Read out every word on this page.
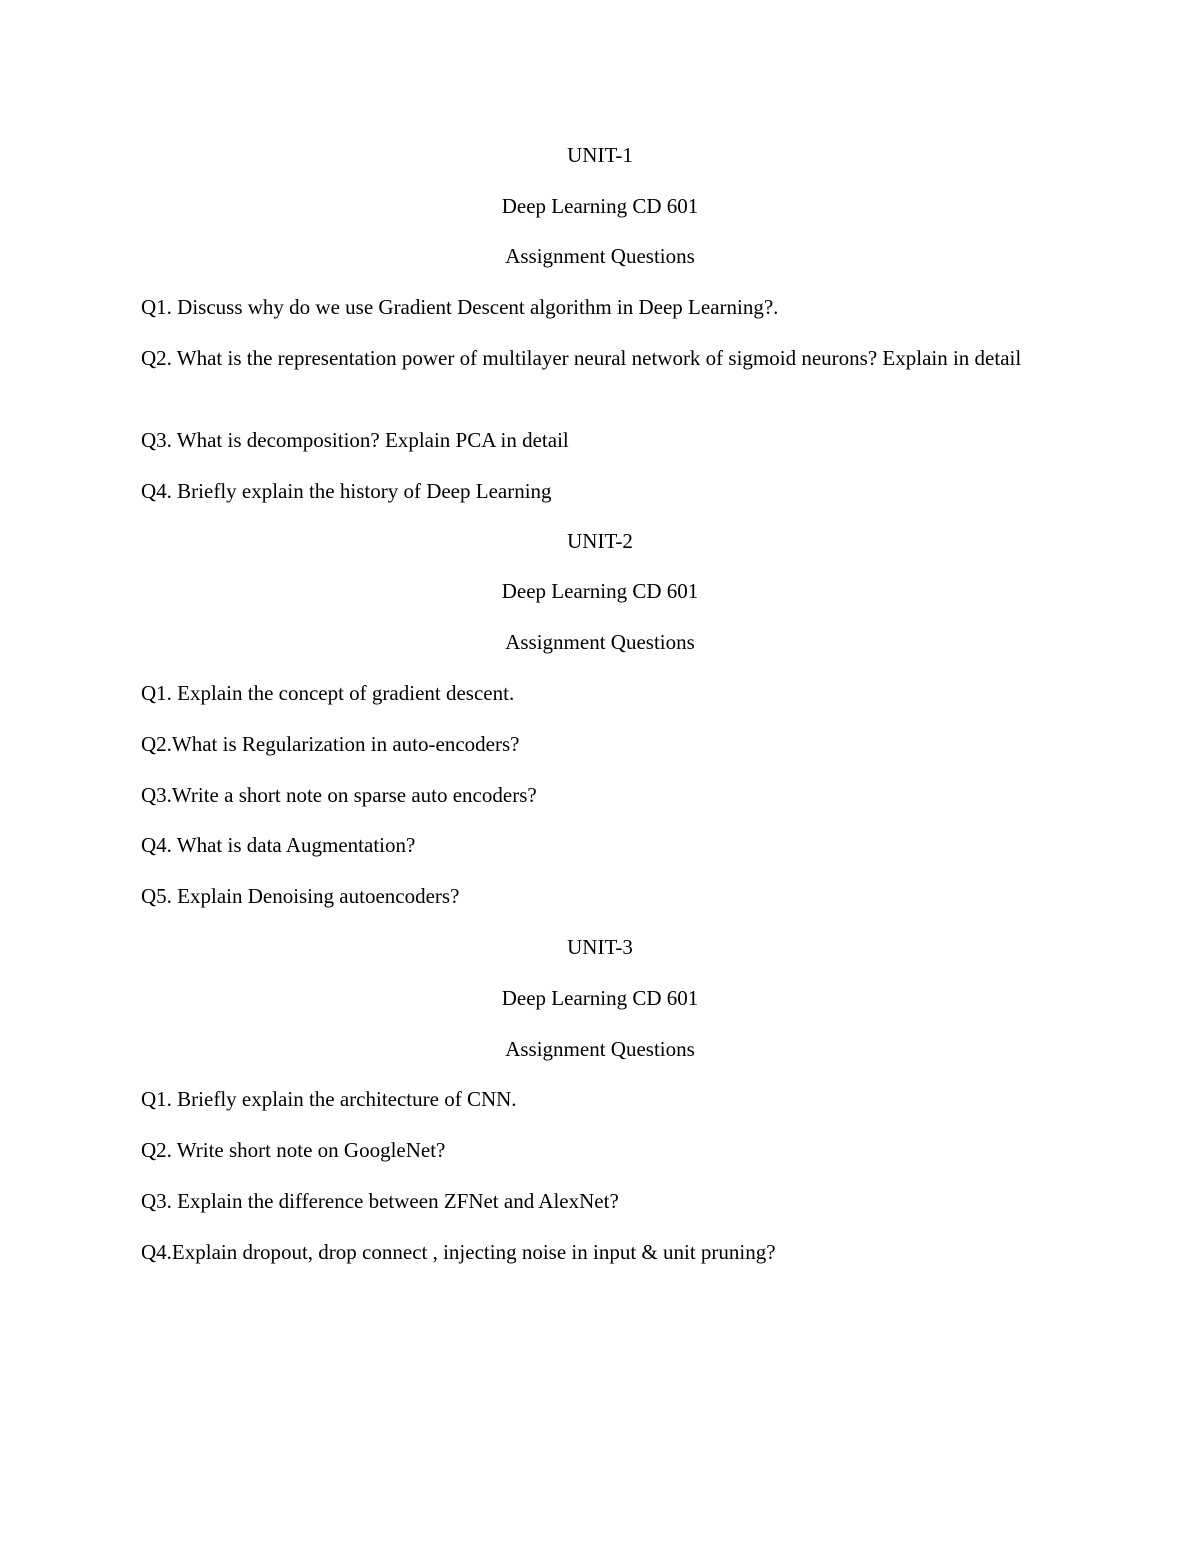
UNIT-1

Deep Learning CD 601

Assignment Questions

Q1. Discuss why do we use Gradient Descent algorithm in Deep Learning?.

Q2. What is the representation power of multilayer neural network of sigmoid neurons? Explain in detail

Q3. What is decomposition? Explain PCA in detail

Q4. Briefly explain the history of Deep Learning

UNIT-2

Deep Learning CD 601

Assignment Questions

Q1. Explain the concept of gradient descent.

Q2.What is Regularization in auto-encoders?

Q3.Write a short note on sparse auto encoders?

Q4. What is data Augmentation?

Q5. Explain Denoising autoencoders?

UNIT-3

Deep Learning CD 601

Assignment Questions

Q1. Briefly explain the architecture of CNN.

Q2. Write short note on GoogleNet?

Q3. Explain the difference between ZFNet and AlexNet?

Q4.Explain dropout, drop connect , injecting noise in input & unit pruning?
